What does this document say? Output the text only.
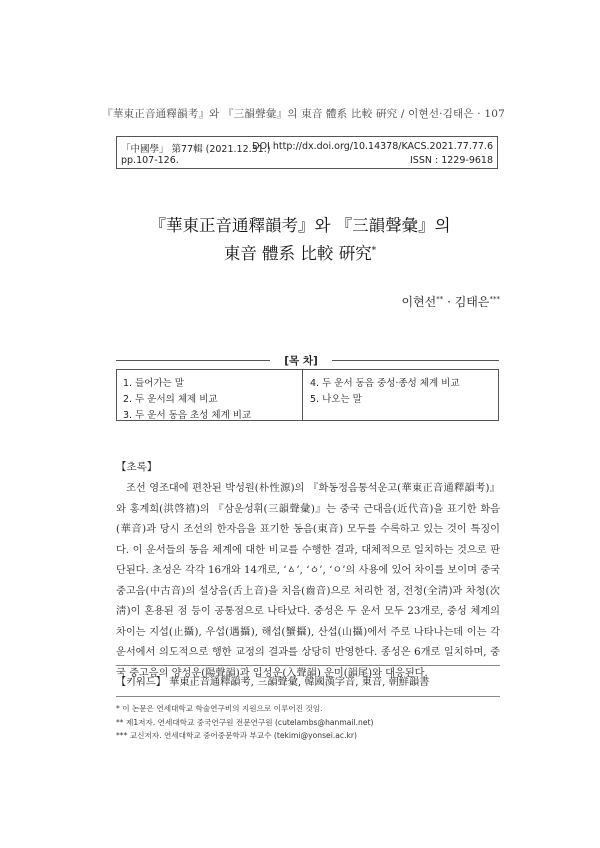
『華東正音通釋韻考』와 『三韻聲彙』의 東音 體系 比較 硏究 / 이현선·김태은 · 107
「中國學」 第77輯 (2021.12.31.)
DOI http://dx.doi.org/10.14378/KACS.2021.77.77.6
pp.107-126.	ISSN : 1229-9618
『華東正音通釋韻考』와 『三韻聲彙』의
東音 體系 比較 硏究*
이현선** · 김태은***
[목 차]
1. 들어가는 말
2. 두 운서의 체제 비교
3. 두 운서 동음 초성 체계 비교
4. 두 운서 동음 중성·종성 체계 비교
5. 나오는 말
【초록】

조선 영조대에 편찬된 박성원(朴性源)의 『화동정음통석운고(華東正音通釋韻考)』와 홍계희(洪啓禧)의 『삼운성휘(三韻聲彙)』는 중국 근대음(近代音)을 표기한 화음(華音)과 당시 조선의 한자음을 표기한 동음(東音) 모두를 수록하고 있는 것이 특징이다. 이 운서들의 동음 체계에 대한 비교를 수행한 결과, 대체적으로 일치하는 것으로 판단된다. 초성은 각각 16개와 14개로, ‘ㅿ’, ‘ㆁ’, ‘ㅇ’의 사용에 있어 차이를 보이며 중국 중고음(中古音)의 설상음(舌上音)을 치음(齒音)으로 처리한 점, 전청(全淸)과 차청(次淸)이 혼용된 점 등이 공통점으로 나타났다. 중성은 두 운서 모두 23개로, 중성 체계의 차이는 지섭(止攝), 우섭(遇攝), 해섭(蟹攝), 산섭(山攝)에서 주로 나타나는데 이는 각 운서에서 의도적으로 행한 교정의 결과를 상당히 반영한다. 종성은 6개로 일치하며, 중국 중고음의 양성운(陽聲韻)과 입성운(入聲韻) 운미(韻尾)와 대응된다.

【키워드】 華東正音通釋韻考, 三韻聲彙, 韓國漢字音, 東音, 朝鮮韻書
* 이 논문은 연세대학교 학술연구비의 지원으로 이루어진 것임.
** 제1저자. 연세대학교 중국연구원 전문연구원 (cutelambs@hanmail.net)
*** 교신저자. 연세대학교 중어중문학과 부교수 (tekimi@yonsei.ac.kr)
